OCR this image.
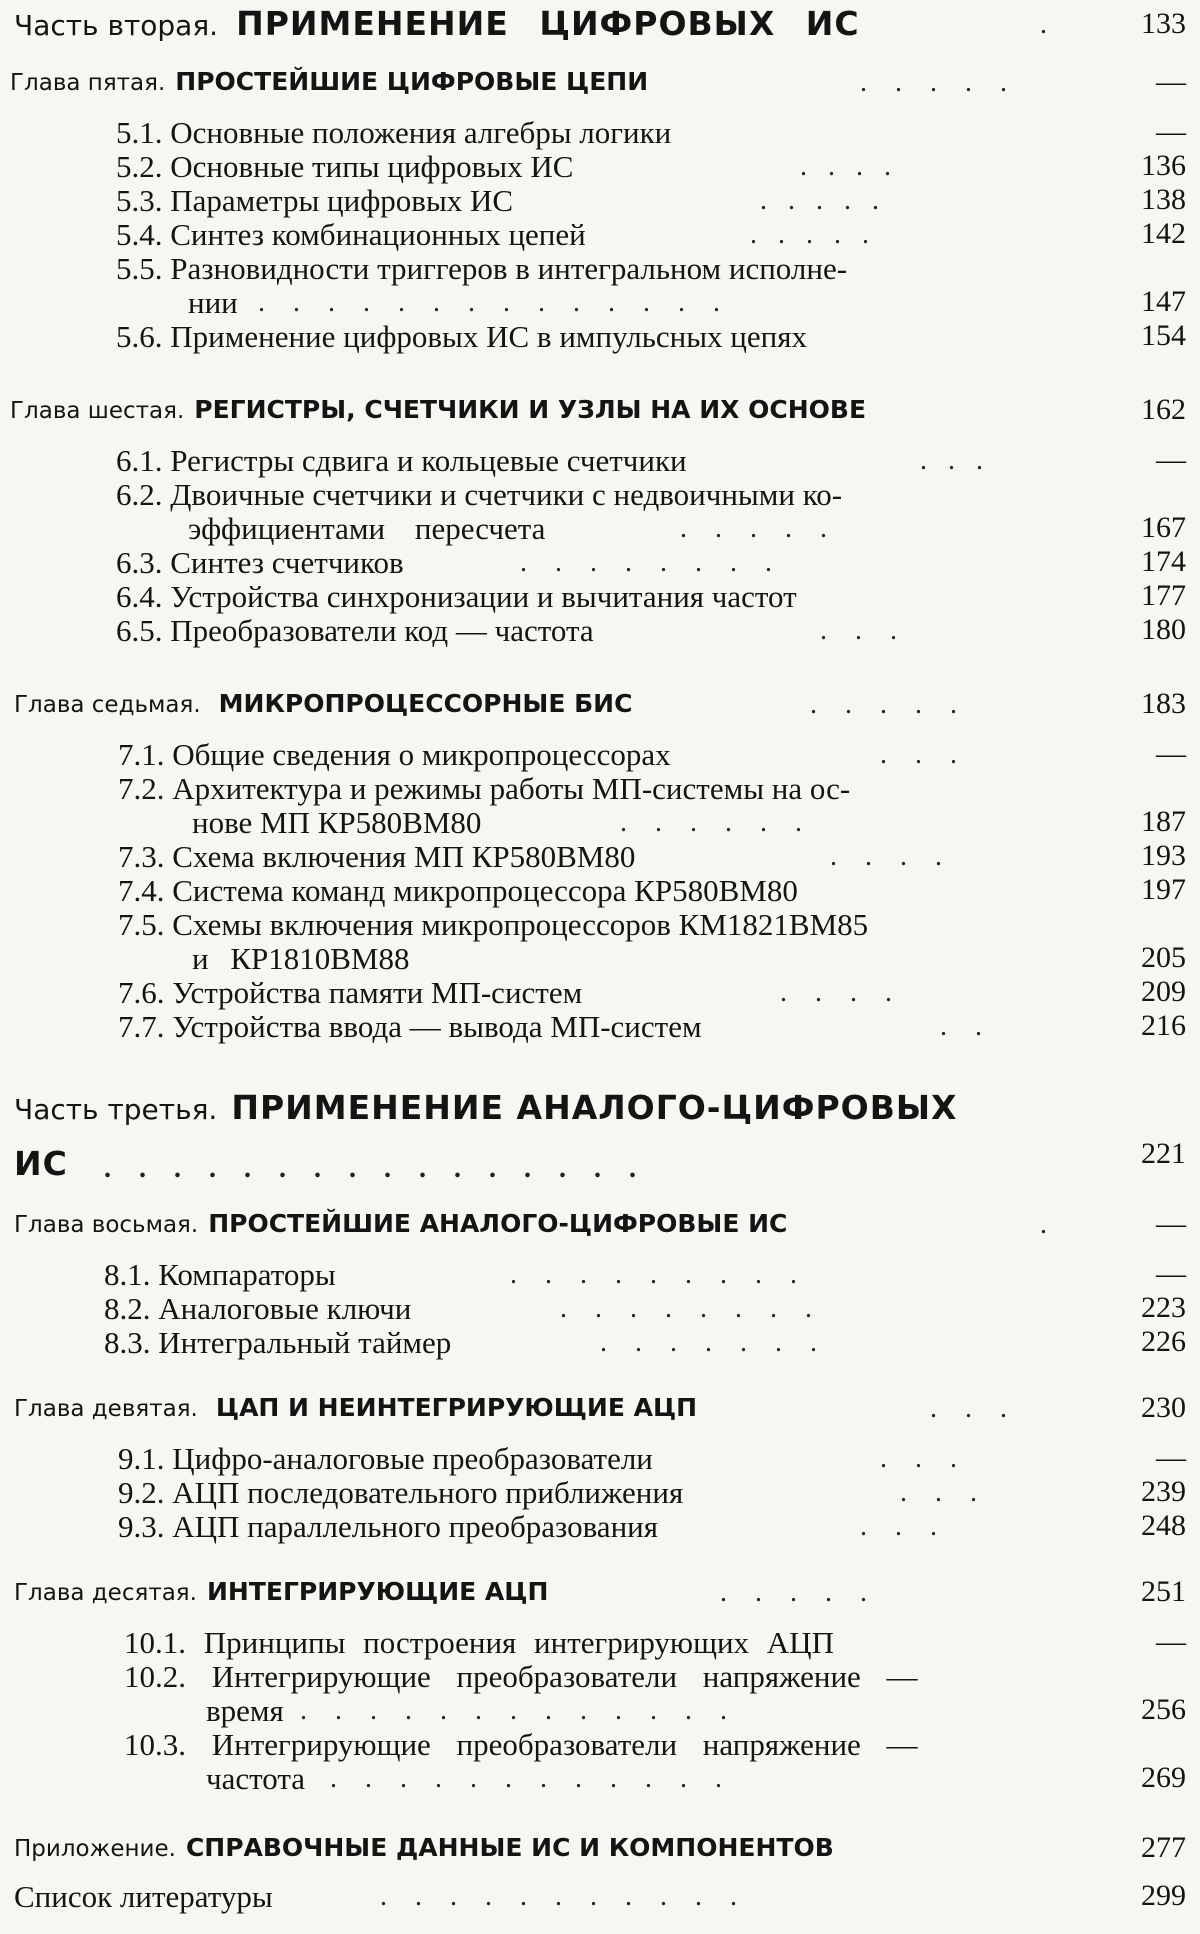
Часть вторая. ПРИМЕНЕНИЕ ЦИФРОВЫХ ИС	.	133
Глава пятая. ПРОСТЕЙШИЕ ЦИФРОВЫЕ ЦЕПИ	.    .    .    .    .	—
5.1. Основные положения алгебры логики	—
5.2. Основные типы цифровых ИС	.   .   .   .	136
5.3. Параметры цифровых ИС	.   .   .   .   .	138
5.4. Синтез комбинационных цепей	.   .   .   .   .	142
5.5. Разновидности триггеров в интегральном исполне-
нии .    .    .    .    .    .    .    .    .    .    .    .    .    .	147
5.6. Применение цифровых ИС в импульсных цепях	154
Глава шестая. РЕГИСТРЫ, СЧЕТЧИКИ И УЗЛЫ НА ИХ ОСНОВЕ	162
6.1. Регистры сдвига и кольцевые счетчики	.   .   .	—
6.2. Двоичные счетчики и счетчики с недвоичными ко-
эффициентами пересчета	.    .    .    .    .	167
6.3. Синтез счетчиков	.    .    .    .    .    .    .    .	174
6.4. Устройства синхронизации и вычитания частот	177
6.5. Преобразователи код — частота	.    .    .	180
Глава седьмая. МИКРОПРОЦЕССОРНЫЕ БИС	.    .    .    .    .	183
7.1. Общие сведения о микропроцессорах	.    .    .	—
7.2. Архитектура и режимы работы МП-системы на ос-
нове МП КР580ВМ80	.    .    .    .    .    .	187
7.3. Схема включения МП КР580ВМ80	.    .    .    .	193
7.4. Система команд микропроцессора КР580ВМ80	197
7.5. Схемы включения микропроцессоров КМ1821ВМ85
и КР1810ВМ88	205
7.6. Устройства памяти МП-систем	.    .    .    .	209
7.7. Устройства ввода — вывода МП-систем	.    .	216
Часть третья. ПРИМЕНЕНИЕ АНАЛОГО-ЦИФРОВЫХ
ИС .    .    .    .    .    .    .    .    .    .    .    .    .    .    .    .	221
Глава восьмая. ПРОСТЕЙШИЕ АНАЛОГО-ЦИФРОВЫЕ ИС	.	—
8.1. Компараторы	.    .    .    .    .    .    .    .    .	—
8.2. Аналоговые ключи	.    .    .    .    .    .    .    .	223
8.3. Интегральный таймер	.    .    .    .    .    .    .	226
Глава девятая. ЦАП И НЕИНТЕГРИРУЮЩИЕ АЦП	.    .    .	230
9.1. Цифро-аналоговые преобразователи	.    .    .	—
9.2. АЦП последовательного приближения	.    .    .	239
9.3. АЦП параллельного преобразования	.    .    .	248
Глава десятая. ИНТЕГРИРУЮЩИЕ АЦП	.    .    .    .    .	251
10.1. Принципы построения интегрирующих АЦП	—
10.2. Интегрирующие преобразователи напряжение —
время .    .    .    .    .    .    .    .    .    .    .    .    .	256
10.3. Интегрирующие преобразователи напряжение —
частота .    .    .    .    .    .    .    .    .    .    .    .	269
Приложение. СПРАВОЧНЫЕ ДАННЫЕ ИС И КОМПОНЕНТОВ	277
Список литературы	.    .    .    .    .    .    .    .    .    .    .	299
